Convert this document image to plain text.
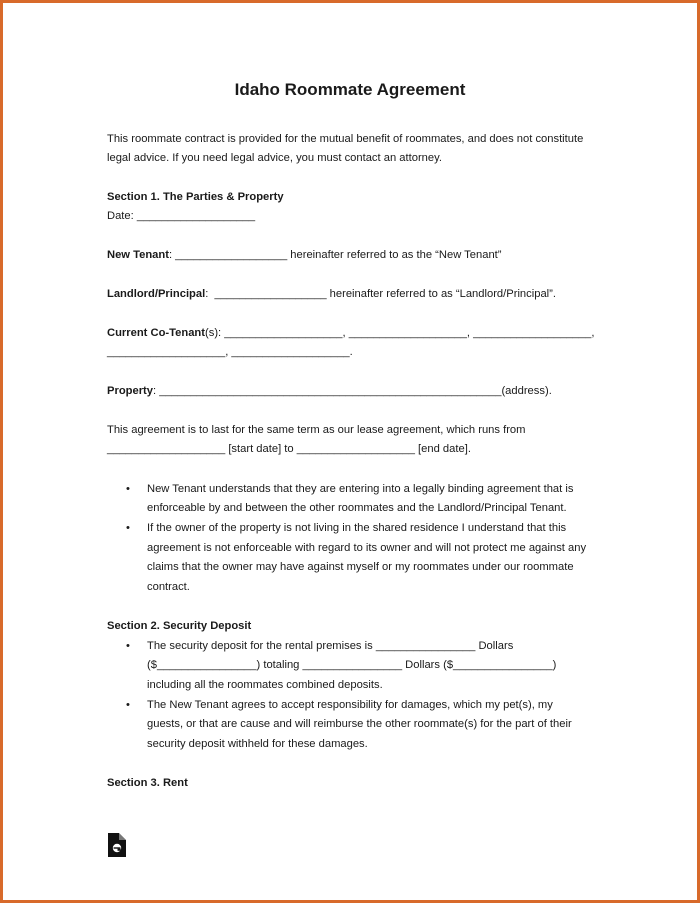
Idaho Roommate Agreement
This roommate contract is provided for the mutual benefit of roommates, and does not constitute
legal advice. If you need legal advice, you must contact an attorney.
Section 1. The Parties & Property
Date: ___________________
New Tenant: __________________ hereinafter referred to as the “New Tenant”
Landlord/Principal:  __________________ hereinafter referred to as “Landlord/Principal”.
Current Co-Tenant(s): ___________________, ___________________, ___________________,
___________________, ___________________.
Property: _______________________________________________________(address).
This agreement is to last for the same term as our lease agreement, which runs from
___________________ [start date] to ___________________ [end date].
• New Tenant understands that they are entering into a legally binding agreement that is
enforceable by and between the other roommates and the Landlord/Principal Tenant.
• If the owner of the property is not living in the shared residence I understand that this
agreement is not enforceable with regard to its owner and will not protect me against any
claims that the owner may have against myself or my roommates under our roommate
contract.
Section 2. Security Deposit
• The security deposit for the rental premises is ________________ Dollars
($________________) totaling ________________ Dollars ($________________)
including all the roommates combined deposits.
• The New Tenant agrees to accept responsibility for damages, which my pet(s), my
guests, or that are cause and will reimburse the other roommate(s) for the part of their
security deposit withheld for these damages.
Section 3. Rent
